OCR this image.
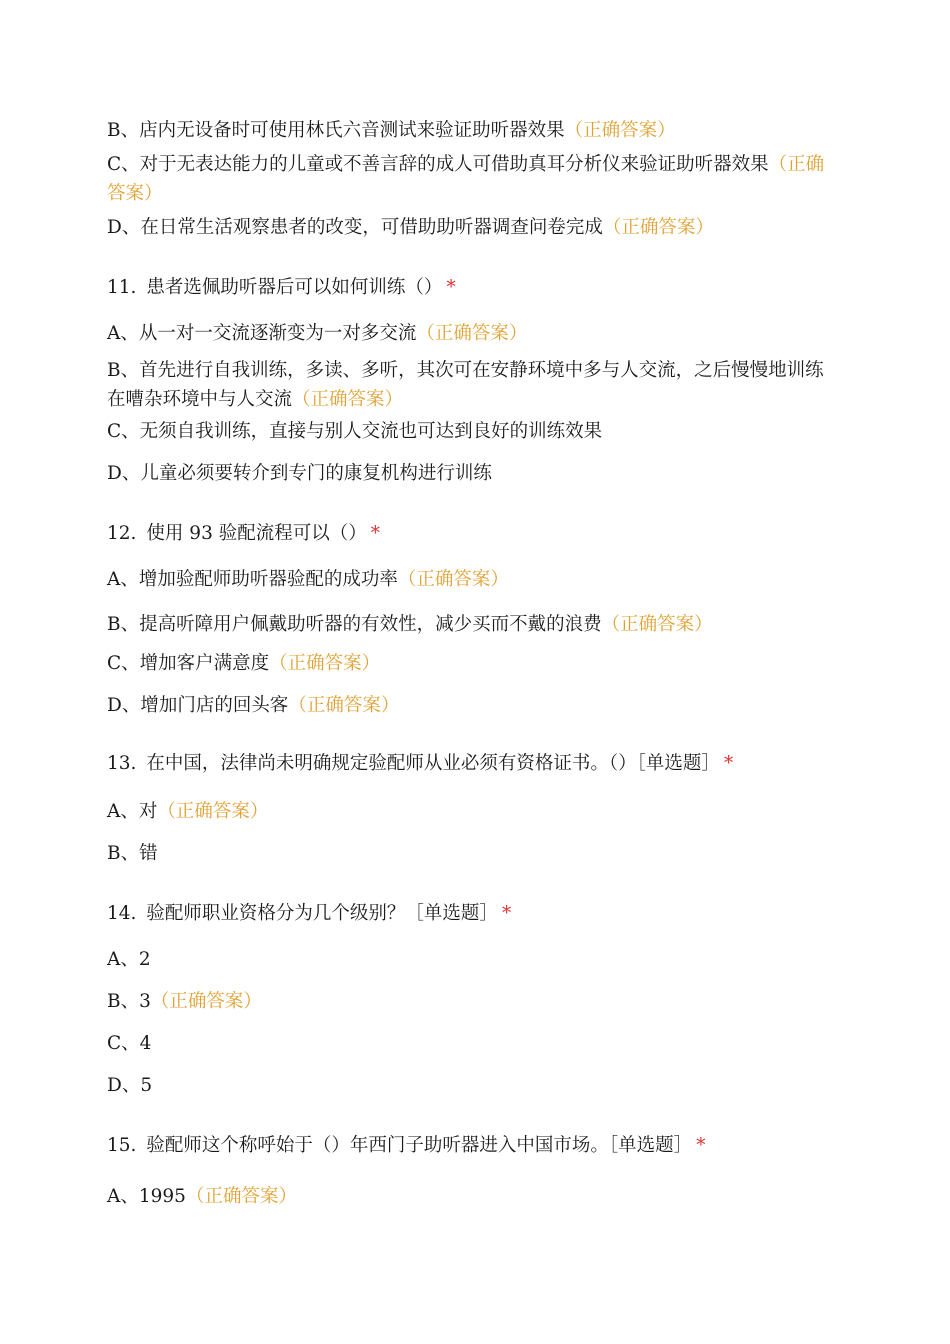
B、店内无设备时可使用林氏六音测试来验证助听器效果（正确答案）
C、对于无表达能力的儿童或不善言辞的成人可借助真耳分析仪来验证助听器效果（正确答案）
D、在日常生活观察患者的改变，可借助助听器调查问卷完成（正确答案）
11. 患者选佩助听器后可以如何训练（） *
A、从一对一交流逐渐变为一对多交流（正确答案）
B、首先进行自我训练，多读、多听，其次可在安静环境中多与人交流，之后慢慢地训练在嘈杂环境中与人交流（正确答案）
C、无须自我训练，直接与别人交流也可达到良好的训练效果
D、儿童必须要转介到专门的康复机构进行训练
12. 使用 93 验配流程可以（） *
A、增加验配师助听器验配的成功率（正确答案）
B、提高听障用户佩戴助听器的有效性，减少买而不戴的浪费（正确答案）
C、增加客户满意度（正确答案）
D、增加门店的回头客（正确答案）
13. 在中国，法律尚未明确规定验配师从业必须有资格证书。（）［单选题］ *
A、对（正确答案）
B、错
14. 验配师职业资格分为几个级别？［单选题］ *
A、2
B、3（正确答案）
C、4
D、5
15. 验配师这个称呼始于（）年西门子助听器进入中国市场。［单选题］ *
A、1995（正确答案）
